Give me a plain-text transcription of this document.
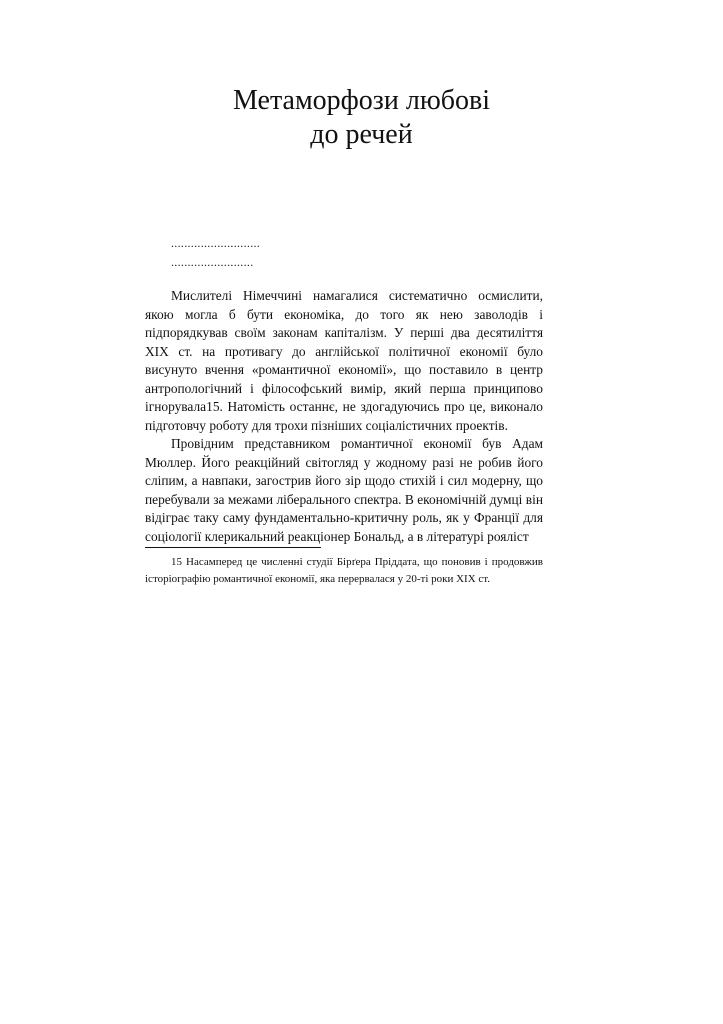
Метаморфози любові
до речей
...........................
.........................

Мислителі Німеччині намагалися систематично осмислити, якою могла б бути економіка, до того як нею заволодів і підпорядкував своїм законам капіталізм. У перші два десятиліття XIX ст. на противагу до англійської політичної економії було висунуто вчення «романтичної економії», що поставило в центр антропологічний і філософський вимір, який перша принципово ігнорувала15. Натомість останнє, не здогадуючись про це, виконало підготовчу роботу для трохи пізніших соціалістичних проектів.

Провідним представником романтичної економії був Адам Мюллер. Його реакційний світогляд у жодному разі не робив його сліпим, а навпаки, загострив його зір щодо стихій і сил модерну, що перебували за межами ліберального спектра. В економічній думці він відіграє таку саму фундаментально-критичну роль, як у Франції для соціології клерикальний реакціонер Бональд, а в літературі рояліст

15 Насамперед це численні студії Бірґера Пріддата, що поновив і продовжив історіографію романтичної економії, яка перервалася у 20-ті роки XIX ст.
